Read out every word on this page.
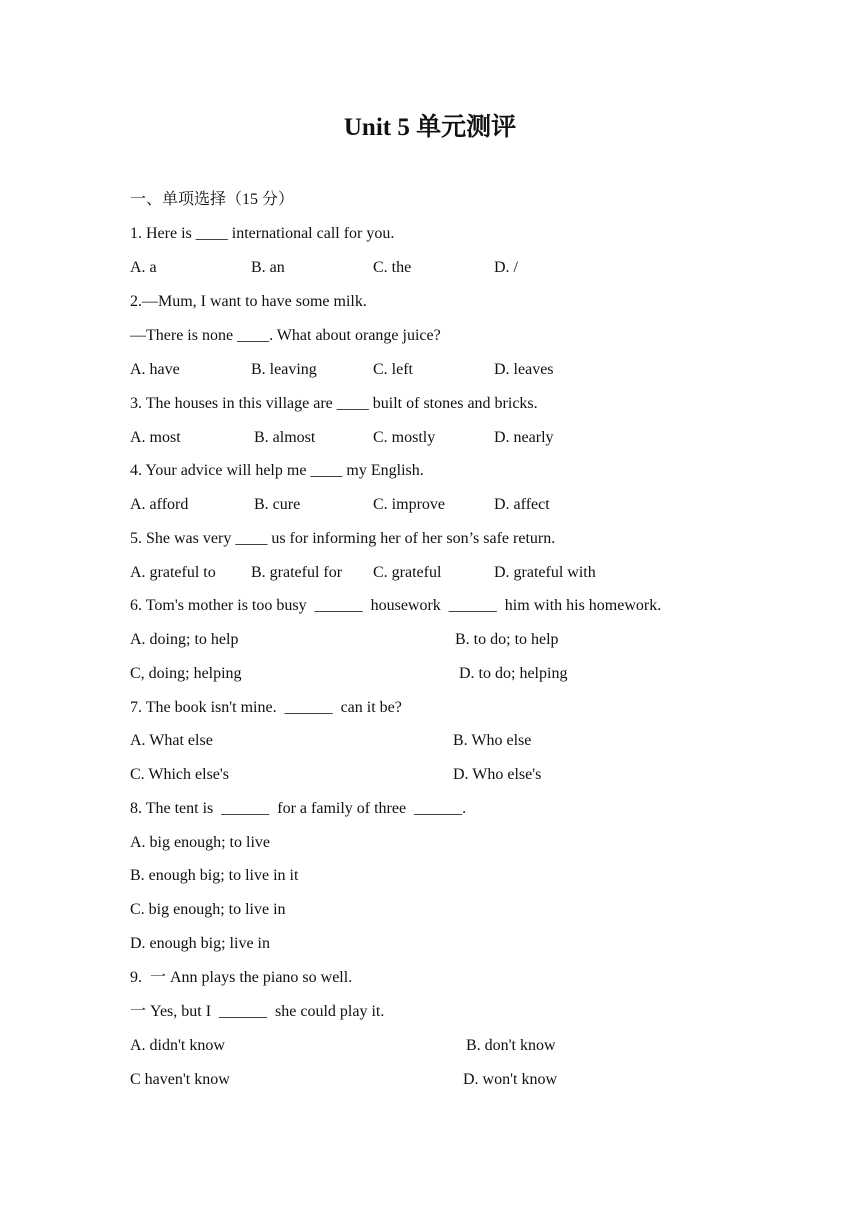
Unit 5 单元测评

一、单项选择（15 分）

1. Here is ____ international call for you.

A. a	B. an	C. the	D. /

2.—Mum, I want to have some milk.

—There is none ____. What about orange juice?

A. have	B. leaving	C. left	D. leaves

3. The houses in this village are ____ built of stones and bricks.

A. most	B. almost	C. mostly	D. nearly

4. Your advice will help me ____ my English.

A. afford	B. cure	C. improve	D. affect

5. She was very ____ us for informing her of her son’s safe return.

A. grateful to B. grateful for C. grateful	D. grateful with

6. Tom's mother is too busy  ______  housework  ______  him with his homework.

A. doing; to help	B. to do; to help
C, doing; helping	D. to do; helping

7. The book isn't mine.  ______  can it be?

A. What else	B. Who else
C. Which else's	D. Who else's

8. The tent is  ______  for a family of three  ______.

A. big enough; to live

B. enough big; to live in it

C. big enough; to live in

D. enough big; live in

9.  一 Ann plays the piano so well.

一 Yes, but I  ______  she could play it.

A. didn't know	B. don't know
C haven't know	D. won't know
